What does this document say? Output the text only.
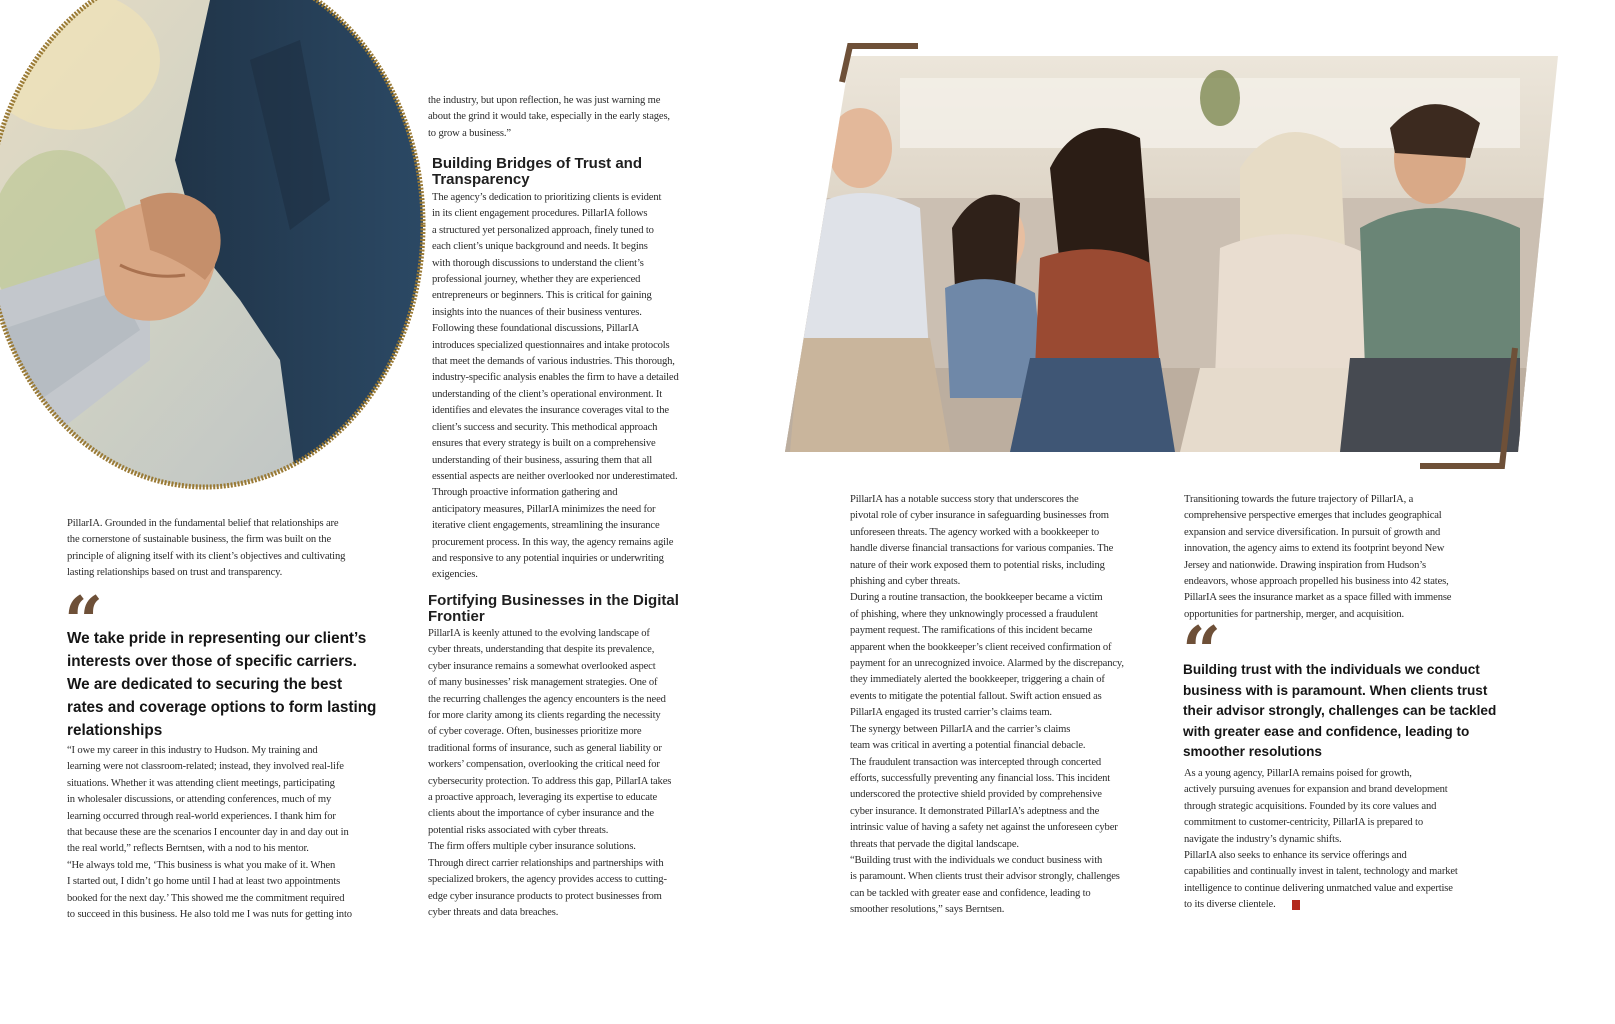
PillarIA. Grounded in the fundamental belief that relationships are
the cornerstone of sustainable business, the firm was built on the
principle of aligning itself with its client’s objectives and cultivating
lasting relationships based on trust and transparency.

“

We take pride in representing our client’s
interests over those of specific carriers.
We are dedicated to securing the best
rates and coverage options to form lasting
relationships

“I owe my career in this industry to Hudson. My training and
learning were not classroom-related; instead, they involved real-life
situations. Whether it was attending client meetings, participating
in wholesaler discussions, or attending conferences, much of my
learning occurred through real-world experiences. I thank him for
that because these are the scenarios I encounter day in and day out in
the real world,” reflects Berntsen, with a nod to his mentor.
“He always told me, ‘This business is what you make of it. When
I started out, I didn’t go home until I had at least two appointments
booked for the next day.’ This showed me the commitment required
to succeed in this business. He also told me I was nuts for getting into

the industry, but upon reflection, he was just warning me
about the grind it would take, especially in the early stages,
to grow a business.”

Building Bridges of Trust and
Transparency

The agency’s dedication to prioritizing clients is evident
in its client engagement procedures. PillarIA follows
a structured yet personalized approach, finely tuned to
each client’s unique background and needs. It begins
with thorough discussions to understand the client’s
professional journey, whether they are experienced
entrepreneurs or beginners. This is critical for gaining
insights into the nuances of their business ventures.
Following these foundational discussions, PillarIA
introduces specialized questionnaires and intake protocols
that meet the demands of various industries. This thorough,
industry-specific analysis enables the firm to have a detailed
understanding of the client’s operational environment. It
identifies and elevates the insurance coverages vital to the
client’s success and security. This methodical approach
ensures that every strategy is built on a comprehensive
understanding of their business, assuring them that all
essential aspects are neither overlooked nor underestimated.
Through proactive information gathering and
anticipatory measures, PillarIA minimizes the need for
iterative client engagements, streamlining the insurance
procurement process. In this way, the agency remains agile
and responsive to any potential inquiries or underwriting
exigencies.

Fortifying Businesses in the Digital
Frontier

PillarIA is keenly attuned to the evolving landscape of
cyber threats, understanding that despite its prevalence,
cyber insurance remains a somewhat overlooked aspect
of many businesses’ risk management strategies. One of
the recurring challenges the agency encounters is the need
for more clarity among its clients regarding the necessity
of cyber coverage. Often, businesses prioritize more
traditional forms of insurance, such as general liability or
workers’ compensation, overlooking the critical need for
cybersecurity protection. To address this gap, PillarIA takes
a proactive approach, leveraging its expertise to educate
clients about the importance of cyber insurance and the
potential risks associated with cyber threats.
The firm offers multiple cyber insurance solutions.
Through direct carrier relationships and partnerships with
specialized brokers, the agency provides access to cutting-
edge cyber insurance products to protect businesses from
cyber threats and data breaches.

PillarIA has a notable success story that underscores the
pivotal role of cyber insurance in safeguarding businesses from
unforeseen threats. The agency worked with a bookkeeper to
handle diverse financial transactions for various companies. The
nature of their work exposed them to potential risks, including
phishing and cyber threats.
During a routine transaction, the bookkeeper became a victim
of phishing, where they unknowingly processed a fraudulent
payment request. The ramifications of this incident became
apparent when the bookkeeper’s client received confirmation of
payment for an unrecognized invoice. Alarmed by the discrepancy,
they immediately alerted the bookkeeper, triggering a chain of
events to mitigate the potential fallout. Swift action ensued as
PillarIA engaged its trusted carrier’s claims team.
The synergy between PillarIA and the carrier’s claims
team was critical in averting a potential financial debacle.
The fraudulent transaction was intercepted through concerted
efforts, successfully preventing any financial loss. This incident
underscored the protective shield provided by comprehensive
cyber insurance. It demonstrated PillarIA’s adeptness and the
intrinsic value of having a safety net against the unforeseen cyber
threats that pervade the digital landscape.
“Building trust with the individuals we conduct business with
is paramount. When clients trust their advisor strongly, challenges
can be tackled with greater ease and confidence, leading to
smoother resolutions,” says Berntsen.

Transitioning towards the future trajectory of PillarIA, a
comprehensive perspective emerges that includes geographical
expansion and service diversification. In pursuit of growth and
innovation, the agency aims to extend its footprint beyond New
Jersey and nationwide. Drawing inspiration from Hudson’s
endeavors, whose approach propelled his business into 42 states,
PillarIA sees the insurance market as a space filled with immense
opportunities for partnership, merger, and acquisition.

“

Building trust with the individuals we conduct
business with is paramount. When clients trust
their advisor strongly, challenges can be tackled
with greater ease and confidence, leading to
smoother resolutions

As a young agency, PillarIA remains poised for growth,
actively pursuing avenues for expansion and brand development
through strategic acquisitions. Founded by its core values and
commitment to customer-centricity, PillarIA is prepared to
navigate the industry’s dynamic shifts.
PillarIA also seeks to enhance its service offerings and
capabilities and continually invest in talent, technology and market
intelligence to continue delivering unmatched value and expertise
to its diverse clientele.
